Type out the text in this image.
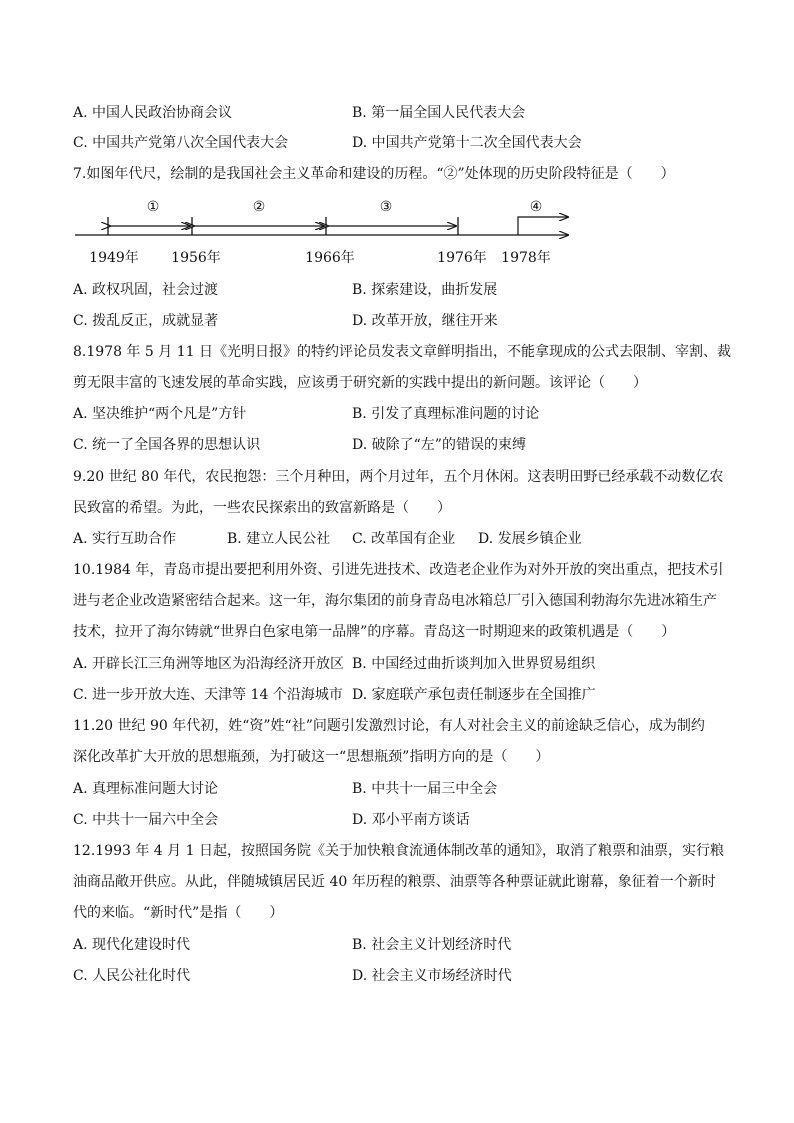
A. 中国人民政治协商会议	B. 第一届全国人民代表大会
C. 中国共产党第八次全国代表大会	D. 中国共产党第十二次全国代表大会
7.如图年代尺，绘制的是我国社会主义革命和建设的历程。“②”处体现的历史阶段特征是（　　）
①	②	③	④
1949年 1956年	1966年	1976年 1978年
A. 政权巩固，社会过渡	B. 探索建设，曲折发展
C. 拨乱反正，成就显著	D. 改革开放，继往开来
8.1978 年 5 月 11 日《光明日报》的特约评论员发表文章鲜明指出，不能拿现成的公式去限制、宰割、裁
剪无限丰富的飞速发展的革命实践，应该勇于研究新的实践中提出的新问题。该评论（　　）
A. 坚决维护“两个凡是”方针	B. 引发了真理标准问题的讨论
C. 统一了全国各界的思想认识	D. 破除了“左”的错误的束缚
9.20 世纪 80 年代，农民抱怨：三个月种田，两个月过年，五个月休闲。这表明田野已经承载不动数亿农
民致富的希望。为此，一些农民探索出的致富新路是（　　）
A. 实行互助合作	B. 建立人民公社 C. 改革国有企业 D. 发展乡镇企业
10.1984 年，青岛市提出要把利用外资、引进先进技术、改造老企业作为对外开放的突出重点，把技术引
进与老企业改造紧密结合起来。这一年，海尔集团的前身青岛电冰箱总厂引入德国利勃海尔先进冰箱生产
技术，拉开了海尔铸就“世界白色家电第一品牌”的序幕。青岛这一时期迎来的政策机遇是（　　）
A. 开辟长江三角洲等地区为沿海经济开放区 B. 中国经过曲折谈判加入世界贸易组织
C. 进一步开放大连、天津等 14 个沿海城市 D. 家庭联产承包责任制逐步在全国推广
11.20 世纪 90 年代初，姓“资”姓“社”问题引发激烈讨论，有人对社会主义的前途缺乏信心，成为制约
深化改革扩大开放的思想瓶颈，为打破这一“思想瓶颈”指明方向的是（　　）
A. 真理标准问题大讨论	B. 中共十一届三中全会
C. 中共十一届六中全会	D. 邓小平南方谈话
12.1993 年 4 月 1 日起，按照国务院《关于加快粮食流通体制改革的通知》，取消了粮票和油票，实行粮
油商品敞开供应。从此，伴随城镇居民近 40 年历程的粮票、油票等各种票证就此谢幕，象征着一个新时
代的来临。“新时代”是指（　　）
A. 现代化建设时代	B. 社会主义计划经济时代
C. 人民公社化时代	D. 社会主义市场经济时代
